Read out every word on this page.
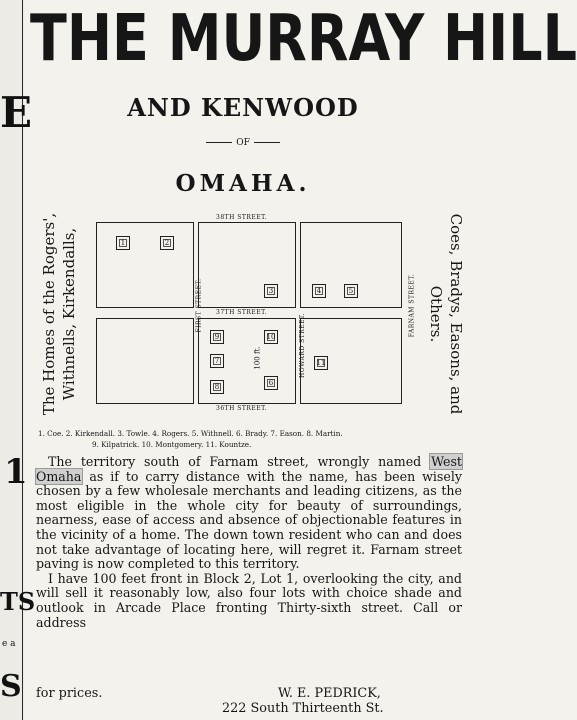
E
1
TS
e a
S
THE MURRAY HILL
AND KENWOOD
OF
OMAHA.
The Homes of the Rogers', Withnells, Kirkendalls,	Coes, Bradys, Easons, and
Others.
38TH STREET.
37TH STREET.
36TH STREET.
FIRST STREET.
HOWARD STREET.
FARNAM STREET.
1	2
3	4	5
6
7
8
9	10
11
100 ft.
1. Coe. 2. Kirkendall. 3. Towle. 4. Rogers. 5. Withnell. 6. Brady. 7. Eason. 8. Martin.
9. Kilpatrick. 10. Montgomery. 11. Kountze.

The territory south of Farnam street, wrongly named West Omaha as if to carry distance with the name, has been wisely chosen by a few wholesale merchants and leading citizens, as the most eligible in the whole city for beauty of surroundings, nearness, ease of access and absence of objectionable features in the vicinity of a home. The down town resident who can and does not take advantage of locating here, will regret it. Farnam street paving is now completed to this territory.

I have 100 feet front in Block 2, Lot 1, overlooking the city, and will sell it reasonably low, also four lots with choice shade and outlook in Arcade Place fronting Thirty-sixth street. Call or address

for prices.	W. E. PEDRICK,
222 South Thirteenth St.
